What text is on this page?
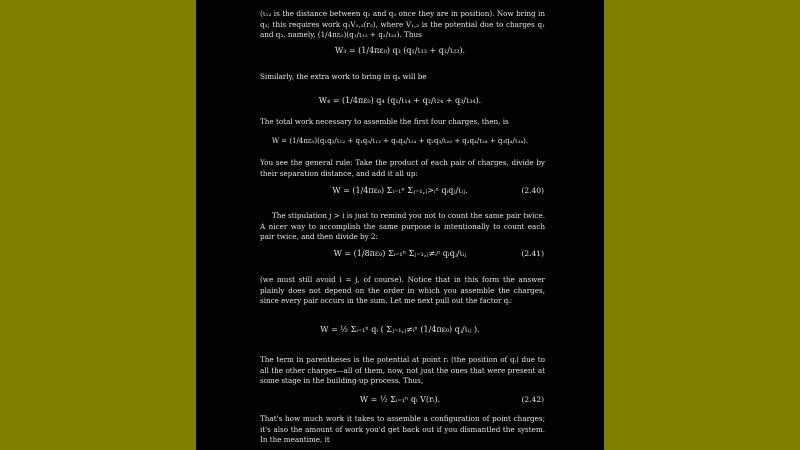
(ι₁₂ is the distance between q₁ and q₂ once they are in position). Now bring in q₃; this requires work q₃V₁,₂(r₃), where V₁,₂ is the potential due to charges q₁ and q₂, namely, (1/4πε₀)(q₁/ι₁₃ + q₂/ι₂₃). Thus

W₃ = (1/4πε₀) q₃ (q₁/ι₁₃ + q₂/ι₂₃).

Similarly, the extra work to bring in q₄ will be

W₄ = (1/4πε₀) q₄ (q₁/ι₁₄ + q₂/ι₂₄ + q₃/ι₃₄).

The total work necessary to assemble the first four charges, then, is

W = (1/4πε₀)(q₁q₂/ι₁₂ + q₁q₃/ι₁₃ + q₁q₄/ι₁₄ + q₂q₃/ι₂₃ + q₂q₄/ι₂₄ + q₃q₄/ι₃₄).

You see the general rule: Take the product of each pair of charges, divide by their separation distance, and add it all up:

W = (1/4πε₀) Σᵢ₌₁ⁿ Σⱼ₌₁,ⱼ>ᵢⁿ qᵢqⱼ/ιᵢⱼ.	(2.40)

The stipulation j > i is just to remind you not to count the same pair twice. A nicer way to accomplish the same purpose is intentionally to count each pair twice, and then divide by 2:

W = (1/8πε₀) Σᵢ₌₁ⁿ Σⱼ₌₁,ⱼ≠ᵢⁿ qᵢqⱼ/ιᵢⱼ	(2.41)

(we must still avoid i = j, of course). Notice that in this form the answer plainly does not depend on the order in which you assemble the charges, since every pair occurs in the sum. Let me next pull out the factor qᵢ:

W = ½ Σᵢ₌₁ⁿ qᵢ ( Σⱼ₌₁,ⱼ≠ᵢⁿ (1/4πε₀) qⱼ/ιᵢⱼ ).

The term in parentheses is the potential at point rᵢ (the position of qᵢ) due to all the other charges—all of them, now, not just the ones that were present at some stage in the building-up process. Thus,

W = ½ Σᵢ₌₁ⁿ qᵢ V(rᵢ).	(2.42)

That's how much work it takes to assemble a configuration of point charges; it's also the amount of work you'd get back out if you dismantled the system. In the meantime, it
